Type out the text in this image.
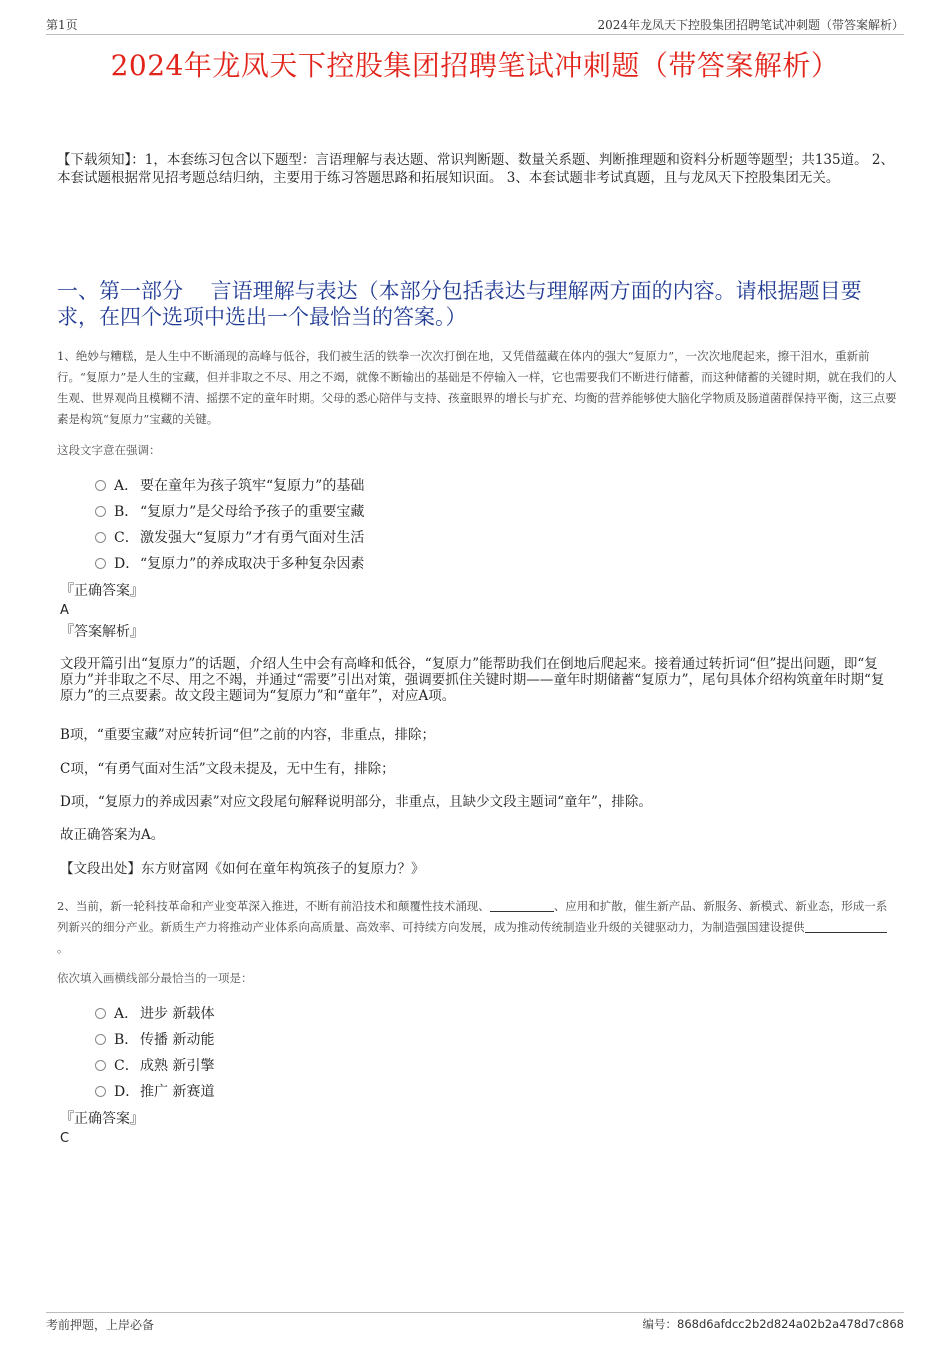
第1页	2024年龙凤天下控股集团招聘笔试冲刺题（带答案解析）
2024年龙凤天下控股集团招聘笔试冲刺题（带答案解析）
【下载须知】：1，本套练习包含以下题型：言语理解与表达题、常识判断题、数量关系题、判断推理题和资料分析题等题型；共135道。 2、本套试题根据常见招考题总结归纳，主要用于练习答题思路和拓展知识面。 3、本套试题非考试真题，且与龙凤天下控股集团无关。
一、第一部分　 言语理解与表达（本部分包括表达与理解两方面的内容。请根据题目要求，在四个选项中选出一个最恰当的答案。）
1、绝妙与糟糕，是人生中不断涌现的高峰与低谷，我们被生活的铁拳一次次打倒在地，又凭借蕴藏在体内的强大“复原力”，一次次地爬起来，擦干泪水，重新前行。“复原力”是人生的宝藏，但并非取之不尽、用之不竭，就像不断输出的基础是不停输入一样，它也需要我们不断进行储蓄，而这种储蓄的关键时期，就在我们的人生观、世界观尚且模糊不清、摇摆不定的童年时期。父母的悉心陪伴与支持、孩童眼界的增长与扩充、均衡的营养能够使大脑化学物质及肠道菌群保持平衡，这三点要素是构筑“复原力”宝藏的关键。
这段文字意在强调：
A． 要在童年为孩子筑牢“复原力”的基础
B． “复原力”是父母给予孩子的重要宝藏
C．激发强大“复原力”才有勇气面对生活
D．“复原力”的养成取决于多种复杂因素
『正确答案』
A
『答案解析』
文段开篇引出“复原力”的话题，介绍人生中会有高峰和低谷，“复原力”能帮助我们在倒地后爬起来。接着通过转折词“但”提出问题，即“复原力”并非取之不尽、用之不竭，并通过“需要”引出对策，强调要抓住关键时期——童年时期储蓄“复原力”，尾句具体介绍构筑童年时期“复原力”的三点要素。故文段主题词为“复原力”和“童年”，对应A项。
B项，“重要宝藏”对应转折词“但”之前的内容，非重点，排除；
C项，“有勇气面对生活”文段未提及，无中生有，排除；
D项，“复原力的养成因素”对应文段尾句解释说明部分，非重点，且缺少文段主题词“童年”，排除。
故正确答案为A。
【文段出处】东方财富网《如何在童年构筑孩子的复原力？》
2、当前，新一轮科技革命和产业变革深入推进，不断有前沿技术和颠覆性技术涌现、	、应用和扩散，催生新产品、新服务、新模式、新业态，形成一系列新兴的细分产业。新质生产力将推动产业体系向高质量、高效率、可持续方向发展，成为推动传统制造业升级的关键驱动力，为制造强国建设提供。
依次填入画横线部分最恰当的一项是：
A． 进步 新载体
B． 传播 新动能
C．成熟 新引擎
D．推广 新赛道
『正确答案』
C
考前押题，上岸必备	编号：868d6afdcc2b2d824a02b2a478d7c868
